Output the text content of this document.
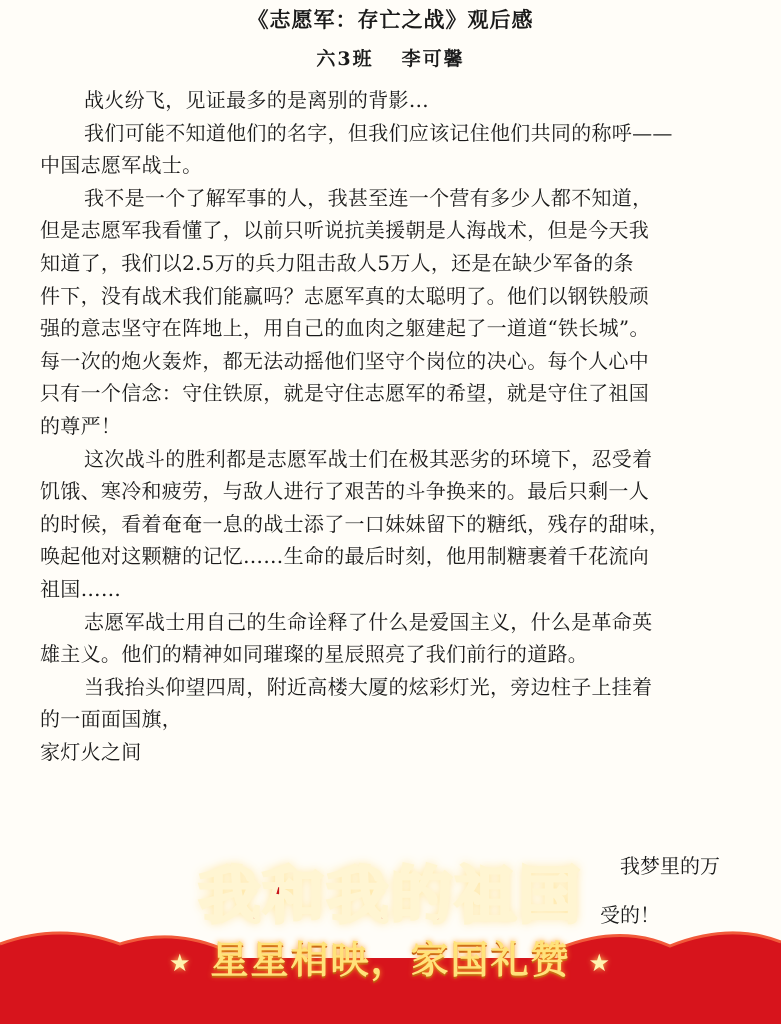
《志愿军：存亡之战》观后感
六3班 李可馨
战火纷飞，见证最多的是离别的背影…
我们可能不知道他们的名字，但我们应该记住他们共同的称呼——
中国志愿军战士。
我不是一个了解军事的人，我甚至连一个营有多少人都不知道，
但是志愿军我看懂了，以前只听说抗美援朝是人海战术，但是今天我
知道了，我们以2.5万的兵力阻击敌人5万人，还是在缺少军备的条
件下，没有战术我们能赢吗？志愿军真的太聪明了。他们以钢铁般顽
强的意志坚守在阵地上，用自己的血肉之躯建起了一道道“铁长城”。
每一次的炮火轰炸，都无法动摇他们坚守个岗位的决心。每个人心中
只有一个信念：守住铁原，就是守住志愿军的希望，就是守住了祖国
的尊严！
这次战斗的胜利都是志愿军战士们在极其恶劣的环境下，忍受着
饥饿、寒冷和疲劳，与敌人进行了艰苦的斗争换来的。最后只剩一人
的时候，看着奄奄一息的战士添了一口妹妹留下的糖纸，残存的甜味，
唤起他对这颗糖的记忆……生命的最后时刻，他用制糖裹着千花流向
祖国……
志愿军战士用自己的生命诠释了什么是爱国主义，什么是革命英
雄主义。他们的精神如同璀璨的星辰照亮了我们前行的道路。
当我抬头仰望四周，附近高楼大厦的炫彩灯光，旁边柱子上挂着
的一面面国旗，
家灯火之间
我梦里的万
受的！
我和我的祖国
★ 星星相映，家国礼赞 ★
